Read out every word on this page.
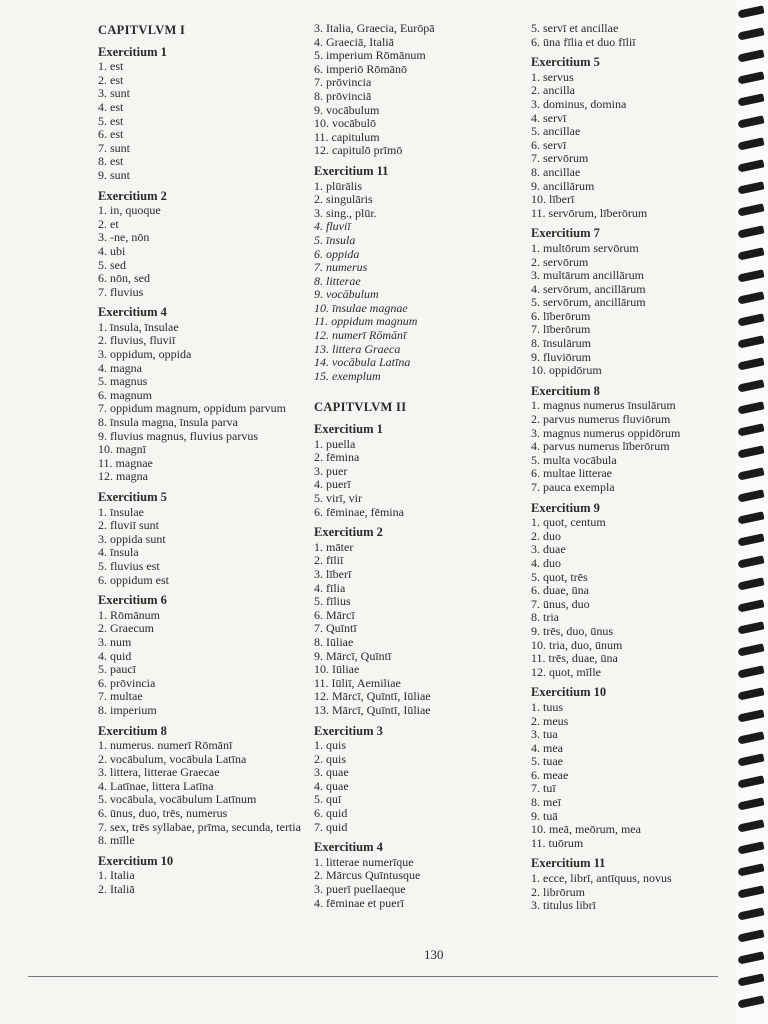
CAPITVLVM I
Exercitium 1
1. est
2. est
3. sunt
4. est
5. est
6. est
7. sunt
8. est
9. sunt
Exercitium 2
1. in, quoque
2. et
3. -ne, nōn
4. ubi
5. sed
6. nōn, sed
7. fluvius
Exercitium 4
1. īnsula, īnsulae
2. fluvius, fluviī
3. oppidum, oppida
4. magna
5. magnus
6. magnum
7. oppidum magnum, oppidum parvum
8. īnsula magna, īnsula parva
9. fluvius magnus, fluvius parvus
10. magnī
11. magnae
12. magna
Exercitium 5
1. īnsulae
2. fluviī sunt
3. oppida sunt
4. īnsula
5. fluvius est
6. oppidum est
Exercitium 6
1. Rōmānum
2. Graecum
3. num
4. quid
5. paucī
6. prōvincia
7. multae
8. imperium
Exercitium 8
1. numerus. numerī Rōmānī
2. vocābulum, vocābula Latīna
3. littera, litterae Graecae
4. Latīnae, littera Latīna
5. vocābula, vocābulum Latīnum
6. ūnus, duo, trēs, numerus
7. sex, trēs syllabae, prīma, secunda, tertia
8. mīlle
Exercitium 10
1. Italia
2. Italiā
3. Italia, Graecia, Eurōpā
4. Graeciā, Italiā
5. imperium Rōmānum
6. imperiō Rōmānō
7. prōvincia
8. prōvinciā
9. vocābulum
10. vocābulō
11. capitulum
12. capitulō prīmō
Exercitium 11
1. plūrālis
2. singulāris
3. sing., plūr.
4. fluviī
5. īnsula
6. oppida
7. numerus
8. litterae
9. vocābulum
10. īnsulae magnae
11. oppidum magnum
12. numerī Rōmānī
13. littera Graeca
14. vocābula Latīna
15. exemplum
CAPITVLVM II
Exercitium 1
1. puella
2. fēmina
3. puer
4. puerī
5. virī, vir
6. fēminae, fēmina
Exercitium 2
1. māter
2. fīliī
3. līberī
4. fīlia
5. fīlius
6. Mārcī
7. Quīntī
8. Iūliae
9. Mārcī, Quīntī
10. Iūliae
11. Iūliī, Aemiliae
12. Mārcī, Quīntī, Iūliae
13. Mārcī, Quīntī, Iūliae
Exercitium 3
1. quis
2. quis
3. quae
4. quae
5. quī
6. quid
7. quid
Exercitium 4
1. litterae numerīque
2. Mārcus Quīntusque
3. puerī puellaeque
4. fēminae et puerī
5. servī et ancillae
6. ūna fīlia et duo fīliī
Exercitium 5
1. servus
2. ancilla
3. dominus, domina
4. servī
5. ancillae
6. servī
7. servōrum
8. ancillae
9. ancillārum
10. līberī
11. servōrum, līberōrum
Exercitium 7
1. multōrum servōrum
2. servōrum
3. multārum ancillārum
4. servōrum, ancillārum
5. servōrum, ancillārum
6. līberōrum
7. līberōrum
8. īnsulārum
9. fluviōrum
10. oppidōrum
Exercitium 8
1. magnus numerus īnsulārum
2. parvus numerus fluviōrum
3. magnus numerus oppidōrum
4. parvus numerus līberōrum
5. multa vocābula
6. multae litterae
7. pauca exempla
Exercitium 9
1. quot, centum
2. duo
3. duae
4. duo
5. quot, trēs
6. duae, ūna
7. ūnus, duo
8. tria
9. trēs, duo, ūnus
10. tria, duo, ūnum
11. trēs, duae, ūna
12. quot, mīlle
Exercitium 10
1. tuus
2. meus
3. tua
4. mea
5. tuae
6. meae
7. tuī
8. meī
9. tuā
10. meā, meōrum, mea
11. tuōrum
Exercitium 11
1. ecce, librī, antīquus, novus
2. librōrum
3. titulus librī
130
